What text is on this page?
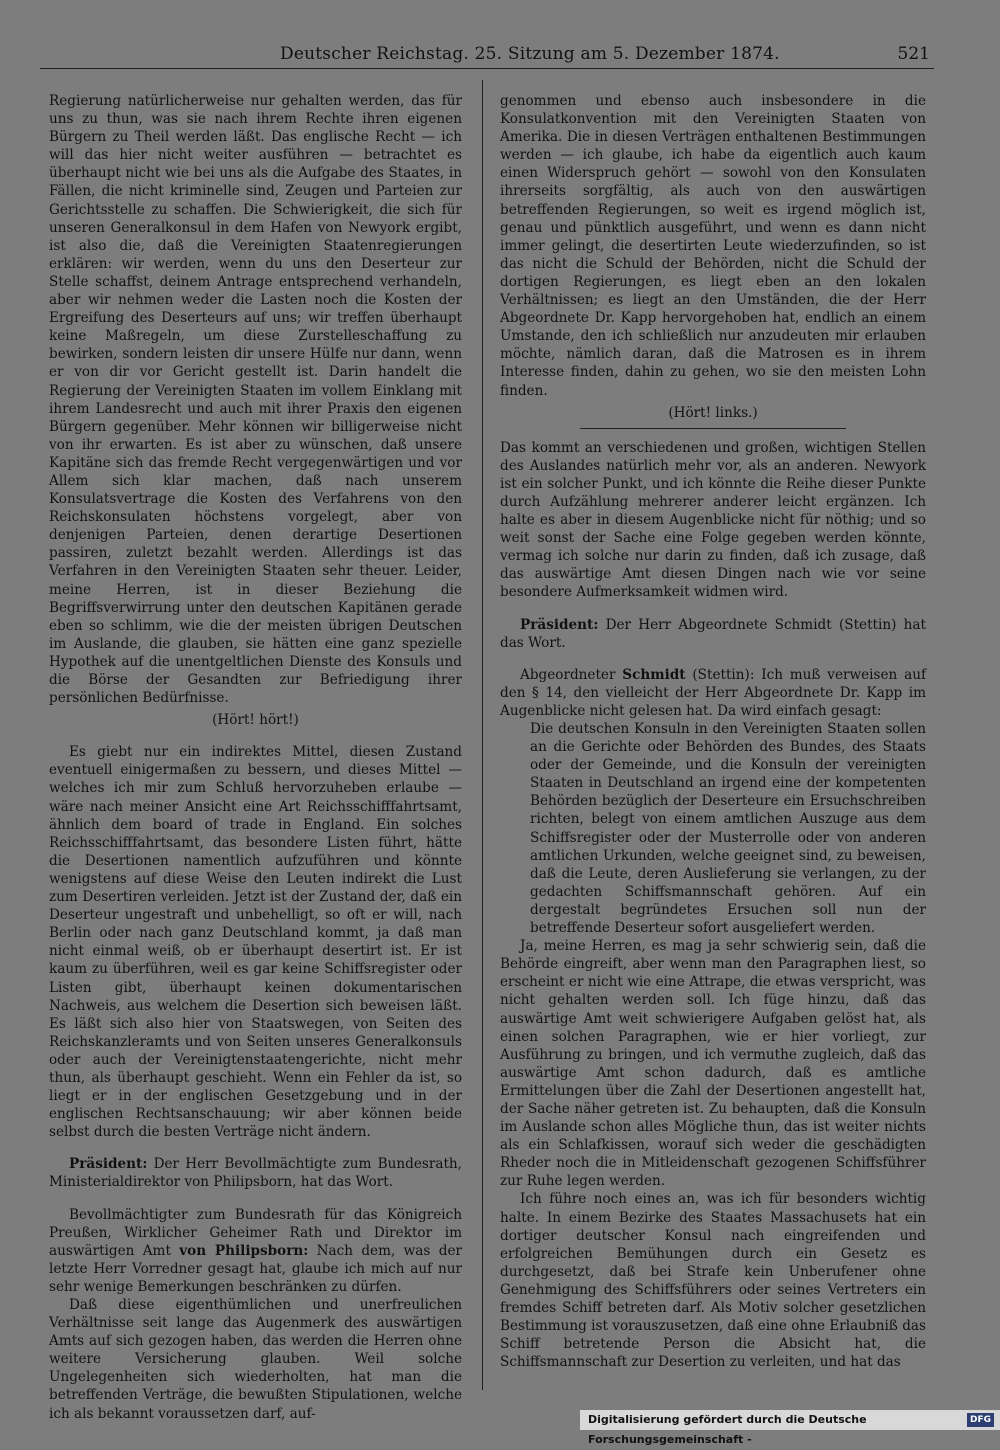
Deutscher Reichstag. 25. Sitzung am 5. Dezember 1874.	521

Regierung natürlicherweise nur gehalten werden, das für uns zu thun, was sie nach ihrem Rechte ihren eigenen Bürgern zu Theil werden läßt. Das englische Recht — ich will das hier nicht weiter ausführen — betrachtet es überhaupt nicht wie bei uns als die Aufgabe des Staates, in Fällen, die nicht kriminelle sind, Zeugen und Parteien zur Gerichtsstelle zu schaffen. Die Schwierigkeit, die sich für unseren Generalkonsul in dem Hafen von Newyork ergibt, ist also die, daß die Vereinigten Staatenregierungen erklären: wir werden, wenn du uns den Deserteur zur Stelle schaffst, deinem Antrage entsprechend verhandeln, aber wir nehmen weder die Lasten noch die Kosten der Ergreifung des Deserteurs auf uns; wir treffen überhaupt keine Maßregeln, um diese Zurstelleschaffung zu bewirken, sondern leisten dir unsere Hülfe nur dann, wenn er von dir vor Gericht gestellt ist. Darin handelt die Regierung der Vereinigten Staaten im vollem Einklang mit ihrem Landesrecht und auch mit ihrer Praxis den eigenen Bürgern gegenüber. Mehr können wir billigerweise nicht von ihr erwarten. Es ist aber zu wünschen, daß unsere Kapitäne sich das fremde Recht vergegenwärtigen und vor Allem sich klar machen, daß nach unserem Konsulatsvertrage die Kosten des Verfahrens von den Reichskonsulaten höchstens vorgelegt, aber von denjenigen Parteien, denen derartige Desertionen passiren, zuletzt bezahlt werden. Allerdings ist das Verfahren in den Vereinigten Staaten sehr theuer. Leider, meine Herren, ist in dieser Beziehung die Begriffsverwirrung unter den deutschen Kapitänen gerade eben so schlimm, wie die der meisten übrigen Deutschen im Auslande, die glauben, sie hätten eine ganz spezielle Hypothek auf die unentgeltlichen Dienste des Konsuls und die Börse der Gesandten zur Befriedigung ihrer persönlichen Bedürfnisse.

(Hört! hört!)

Es giebt nur ein indirektes Mittel, diesen Zustand eventuell einigermaßen zu bessern, und dieses Mittel — welches ich mir zum Schluß hervorzuheben erlaube — wäre nach meiner Ansicht eine Art Reichsschifffahrtsamt, ähnlich dem board of trade in England. Ein solches Reichsschifffahrtsamt, das besondere Listen führt, hätte die Desertionen namentlich aufzuführen und könnte wenigstens auf diese Weise den Leuten indirekt die Lust zum Desertiren verleiden. Jetzt ist der Zustand der, daß ein Deserteur ungestraft und unbehelligt, so oft er will, nach Berlin oder nach ganz Deutschland kommt, ja daß man nicht einmal weiß, ob er überhaupt desertirt ist. Er ist kaum zu überführen, weil es gar keine Schiffsregister oder Listen gibt, überhaupt keinen dokumentarischen Nachweis, aus welchem die Desertion sich beweisen läßt. Es läßt sich also hier von Staatswegen, von Seiten des Reichskanzleramts und von Seiten unseres Generalkonsuls oder auch der Vereinigtenstaatengerichte, nicht mehr thun, als überhaupt geschieht. Wenn ein Fehler da ist, so liegt er in der englischen Gesetzgebung und in der englischen Rechtsanschauung; wir aber können beide selbst durch die besten Verträge nicht ändern.

Präsident: Der Herr Bevollmächtigte zum Bundesrath, Ministerialdirektor von Philipsborn, hat das Wort.

Bevollmächtigter zum Bundesrath für das Königreich Preußen, Wirklicher Geheimer Rath und Direktor im auswärtigen Amt von Philipsborn: Nach dem, was der letzte Herr Vorredner gesagt hat, glaube ich mich auf nur sehr wenige Bemerkungen beschränken zu dürfen.

Daß diese eigenthümlichen und unerfreulichen Verhältnisse seit lange das Augenmerk des auswärtigen Amts auf sich gezogen haben, das werden die Herren ohne weitere Versicherung glauben. Weil solche Ungelegenheiten sich wiederholten, hat man die betreffenden Verträge, die bewußten Stipulationen, welche ich als bekannt voraussetzen darf, auf-

genommen und ebenso auch insbesondere in die Konsulatkonvention mit den Vereinigten Staaten von Amerika. Die in diesen Verträgen enthaltenen Bestimmungen werden — ich glaube, ich habe da eigentlich auch kaum einen Widerspruch gehört — sowohl von den Konsulaten ihrerseits sorgfältig, als auch von den auswärtigen betreffenden Regierungen, so weit es irgend möglich ist, genau und pünktlich ausgeführt, und wenn es dann nicht immer gelingt, die desertirten Leute wiederzufinden, so ist das nicht die Schuld der Behörden, nicht die Schuld der dortigen Regierungen, es liegt eben an den lokalen Verhältnissen; es liegt an den Umständen, die der Herr Abgeordnete Dr. Kapp hervorgehoben hat, endlich an einem Umstande, den ich schließlich nur anzudeuten mir erlauben möchte, nämlich daran, daß die Matrosen es in ihrem Interesse finden, dahin zu gehen, wo sie den meisten Lohn finden.

(Hört! links.)

Das kommt an verschiedenen und großen, wichtigen Stellen des Auslandes natürlich mehr vor, als an anderen. Newyork ist ein solcher Punkt, und ich könnte die Reihe dieser Punkte durch Aufzählung mehrerer anderer leicht ergänzen. Ich halte es aber in diesem Augenblicke nicht für nöthig; und so weit sonst der Sache eine Folge gegeben werden könnte, vermag ich solche nur darin zu finden, daß ich zusage, daß das auswärtige Amt diesen Dingen nach wie vor seine besondere Aufmerksamkeit widmen wird.

Präsident: Der Herr Abgeordnete Schmidt (Stettin) hat das Wort.

Abgeordneter Schmidt (Stettin): Ich muß verweisen auf den § 14, den vielleicht der Herr Abgeordnete Dr. Kapp im Augenblicke nicht gelesen hat. Da wird einfach gesagt:

Die deutschen Konsuln in den Vereinigten Staaten sollen an die Gerichte oder Behörden des Bundes, des Staats oder der Gemeinde, und die Konsuln der vereinigten Staaten in Deutschland an irgend eine der kompetenten Behörden bezüglich der Deserteure ein Ersuchschreiben richten, belegt von einem amtlichen Auszuge aus dem Schiffsregister oder der Musterrolle oder von anderen amtlichen Urkunden, welche geeignet sind, zu beweisen, daß die Leute, deren Auslieferung sie verlangen, zu der gedachten Schiffsmannschaft gehören. Auf ein dergestalt begründetes Ersuchen soll nun der betreffende Deserteur sofort ausgeliefert werden.

Ja, meine Herren, es mag ja sehr schwierig sein, daß die Behörde eingreift, aber wenn man den Paragraphen liest, so erscheint er nicht wie eine Attrape, die etwas verspricht, was nicht gehalten werden soll. Ich füge hinzu, daß das auswärtige Amt weit schwierigere Aufgaben gelöst hat, als einen solchen Paragraphen, wie er hier vorliegt, zur Ausführung zu bringen, und ich vermuthe zugleich, daß das auswärtige Amt schon dadurch, daß es amtliche Ermittelungen über die Zahl der Desertionen angestellt hat, der Sache näher getreten ist. Zu behaupten, daß die Konsuln im Auslande schon alles Mögliche thun, das ist weiter nichts als ein Schlafkissen, worauf sich weder die geschädigten Rheder noch die in Mitleidenschaft gezogenen Schiffsführer zur Ruhe legen werden.

Ich führe noch eines an, was ich für besonders wichtig halte. In einem Bezirke des Staates Massachusets hat ein dortiger deutscher Konsul nach eingreifenden und erfolgreichen Bemühungen durch ein Gesetz es durchgesetzt, daß bei Strafe kein Unberufener ohne Genehmigung des Schiffsführers oder seines Vertreters ein fremdes Schiff betreten darf. Als Motiv solcher gesetzlichen Bestimmung ist vorauszusetzen, daß eine ohne Erlaubniß das Schiff betretende Person die Absicht hat, die Schiffsmannschaft zur Desertion zu verleiten, und hat das

Digitalisierung gefördert durch die Deutsche Forschungsgemeinschaft -
DFG
